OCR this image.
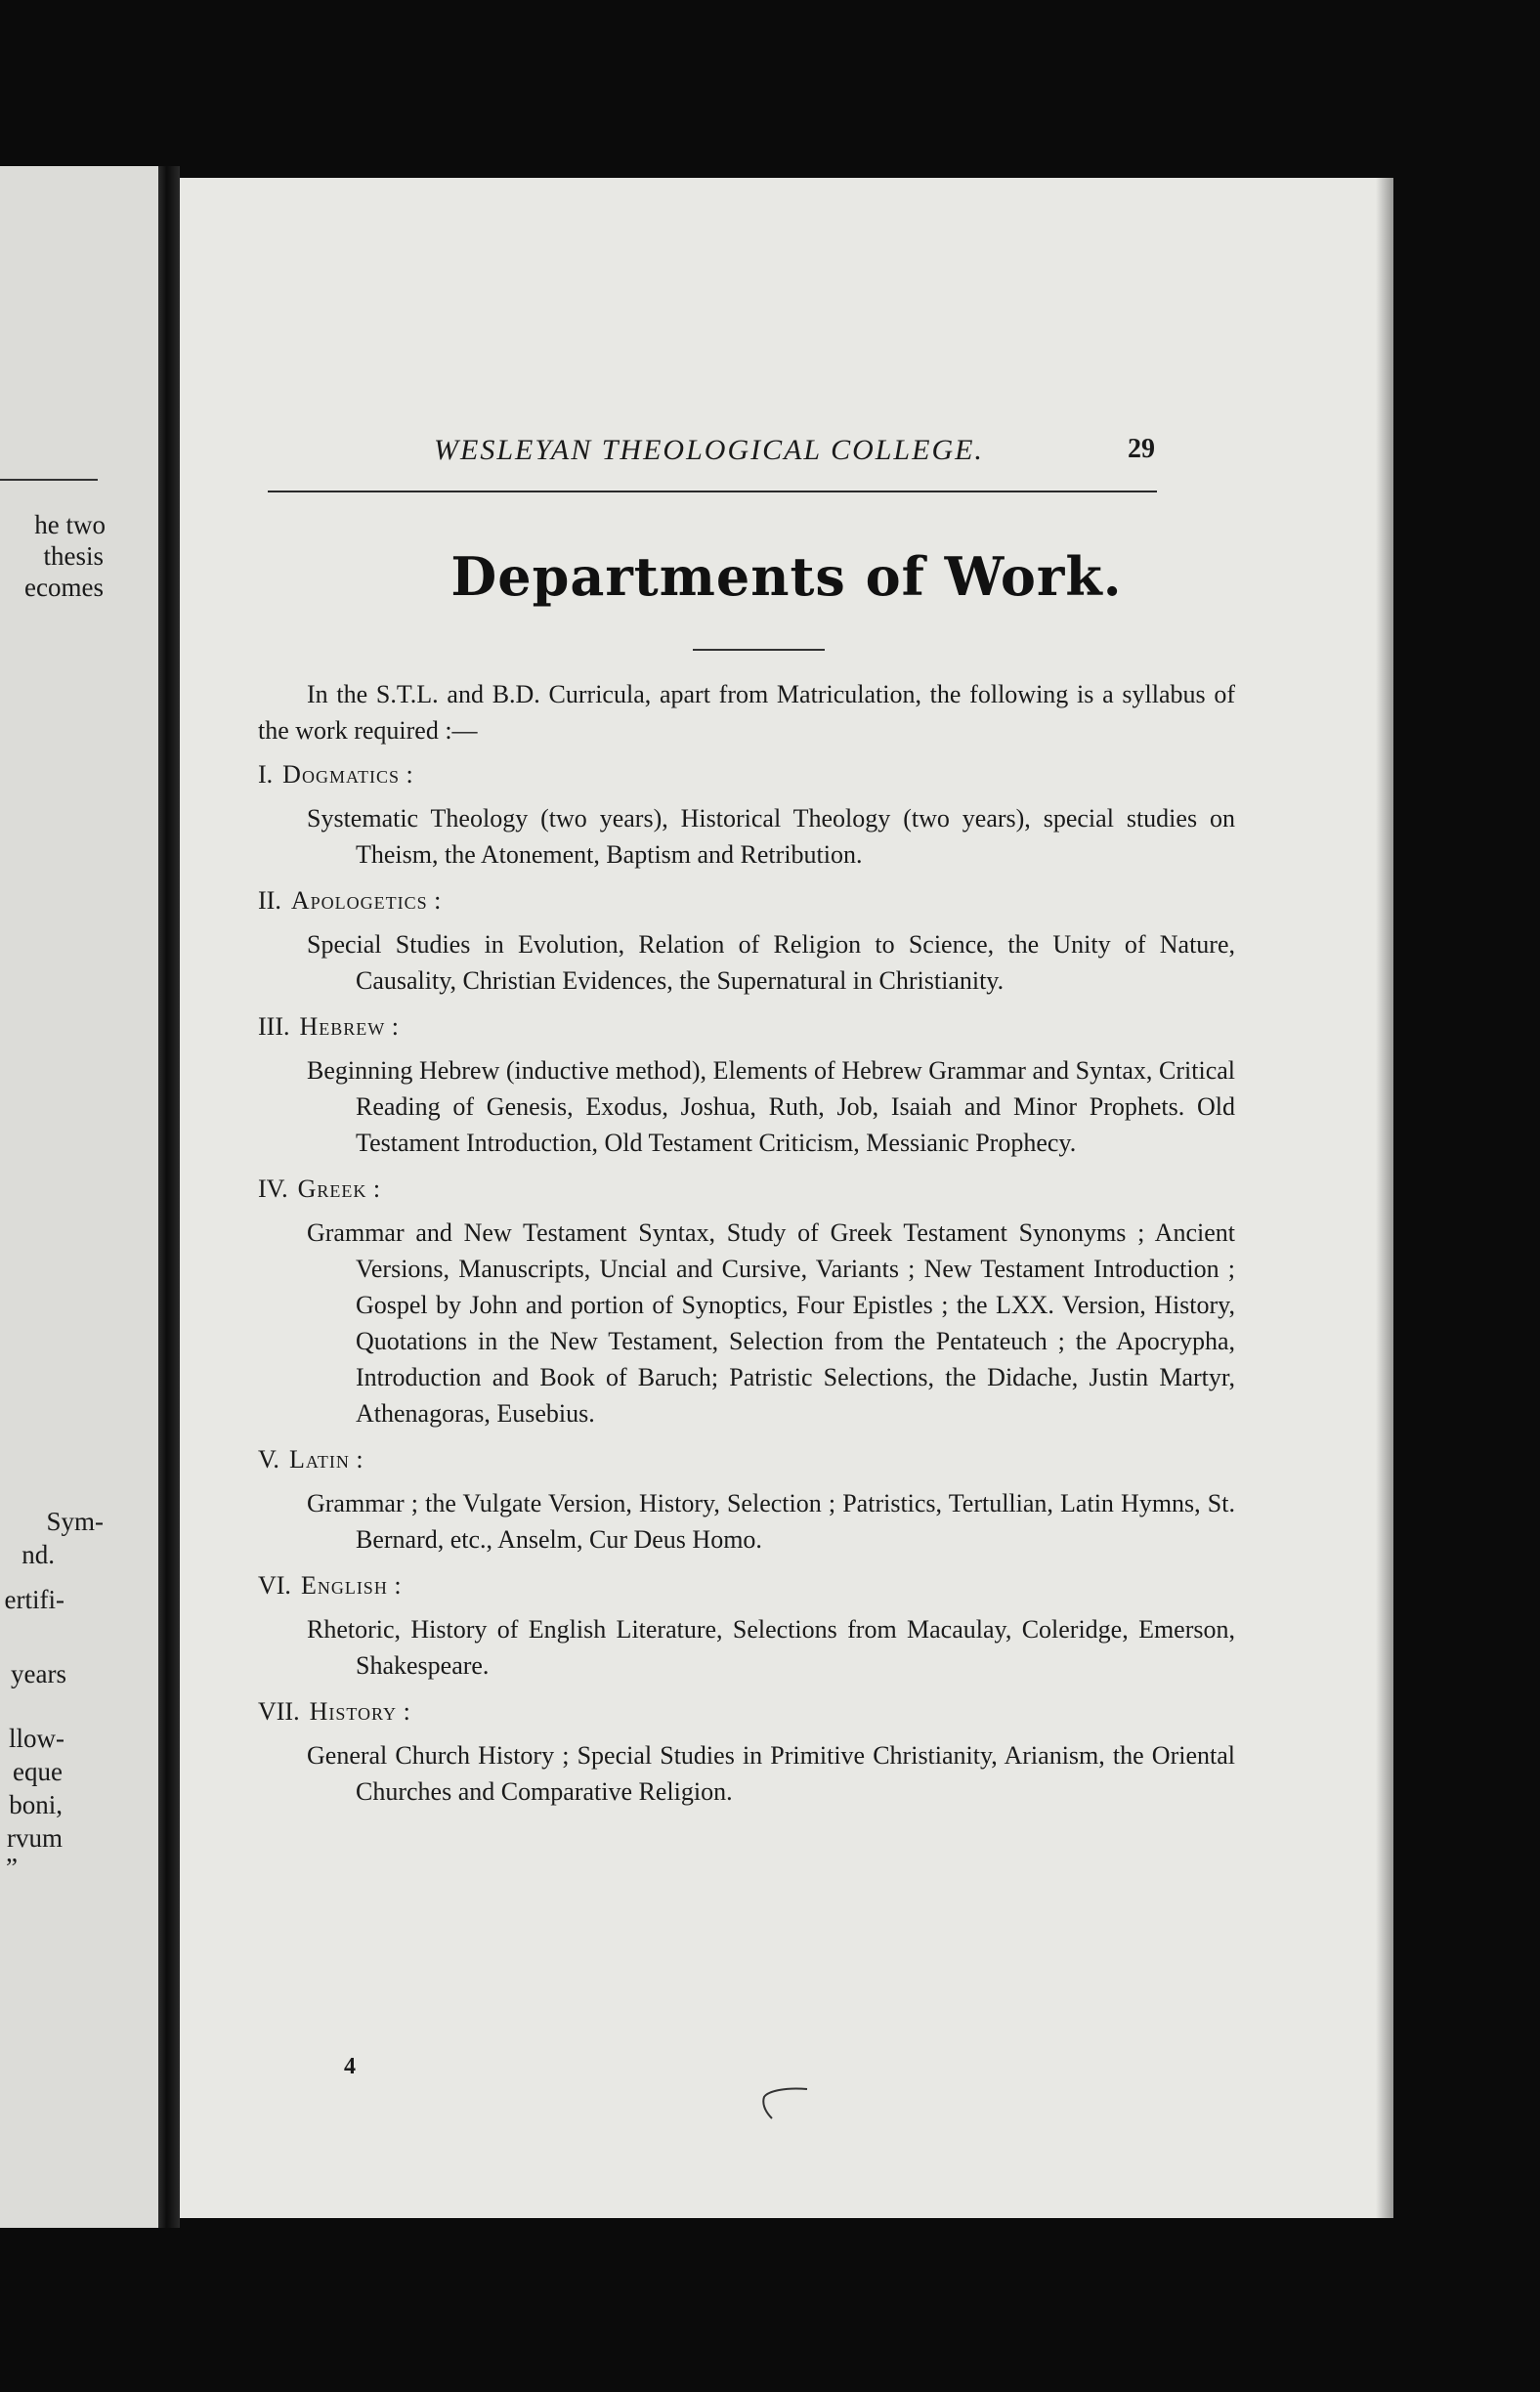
he two
thesis
ecomes
Sym-
nd.
ertifi-
years
llow-
eque
boni,
rvum
”
WESLEYAN THEOLOGICAL COLLEGE.	29
Departments of Work.

In the S.T.L. and B.D. Curricula, apart from Matriculation, the following is a syllabus of the work required :—

I. Dogmatics :

Systematic Theology (two years), Historical Theology (two years), special studies on Theism, the Atonement, Baptism and Retribution.

II. Apologetics :

Special Studies in Evolution, Relation of Religion to Science, the Unity of Nature, Causality, Christian Evidences, the Supernatural in Christianity.

III. Hebrew :

Beginning Hebrew (inductive method), Elements of Hebrew Grammar and Syntax, Critical Reading of Genesis, Exodus, Joshua, Ruth, Job, Isaiah and Minor Prophets. Old Testament Introduction, Old Testament Criticism, Messianic Prophecy.

IV. Greek :

Grammar and New Testament Syntax, Study of Greek Testament Synonyms ; Ancient Versions, Manuscripts, Uncial and Cursive, Variants ; New Testament Introduction ; Gospel by John and portion of Synoptics, Four Epistles ; the LXX. Version, History, Quotations in the New Testament, Selection from the Pentateuch ; the Apocrypha, Introduction and Book of Baruch; Patristic Selections, the Didache, Justin Martyr, Athenagoras, Eusebius.

V. Latin :

Grammar ; the Vulgate Version, History, Selection ; Patristics, Tertullian, Latin Hymns, St. Bernard, etc., Anselm, Cur Deus Homo.

VI. English :

Rhetoric, History of English Literature, Selections from Macaulay, Coleridge, Emerson, Shakespeare.

VII. History :

General Church History ; Special Studies in Primitive Christianity, Arianism, the Oriental Churches and Comparative Religion.

4
